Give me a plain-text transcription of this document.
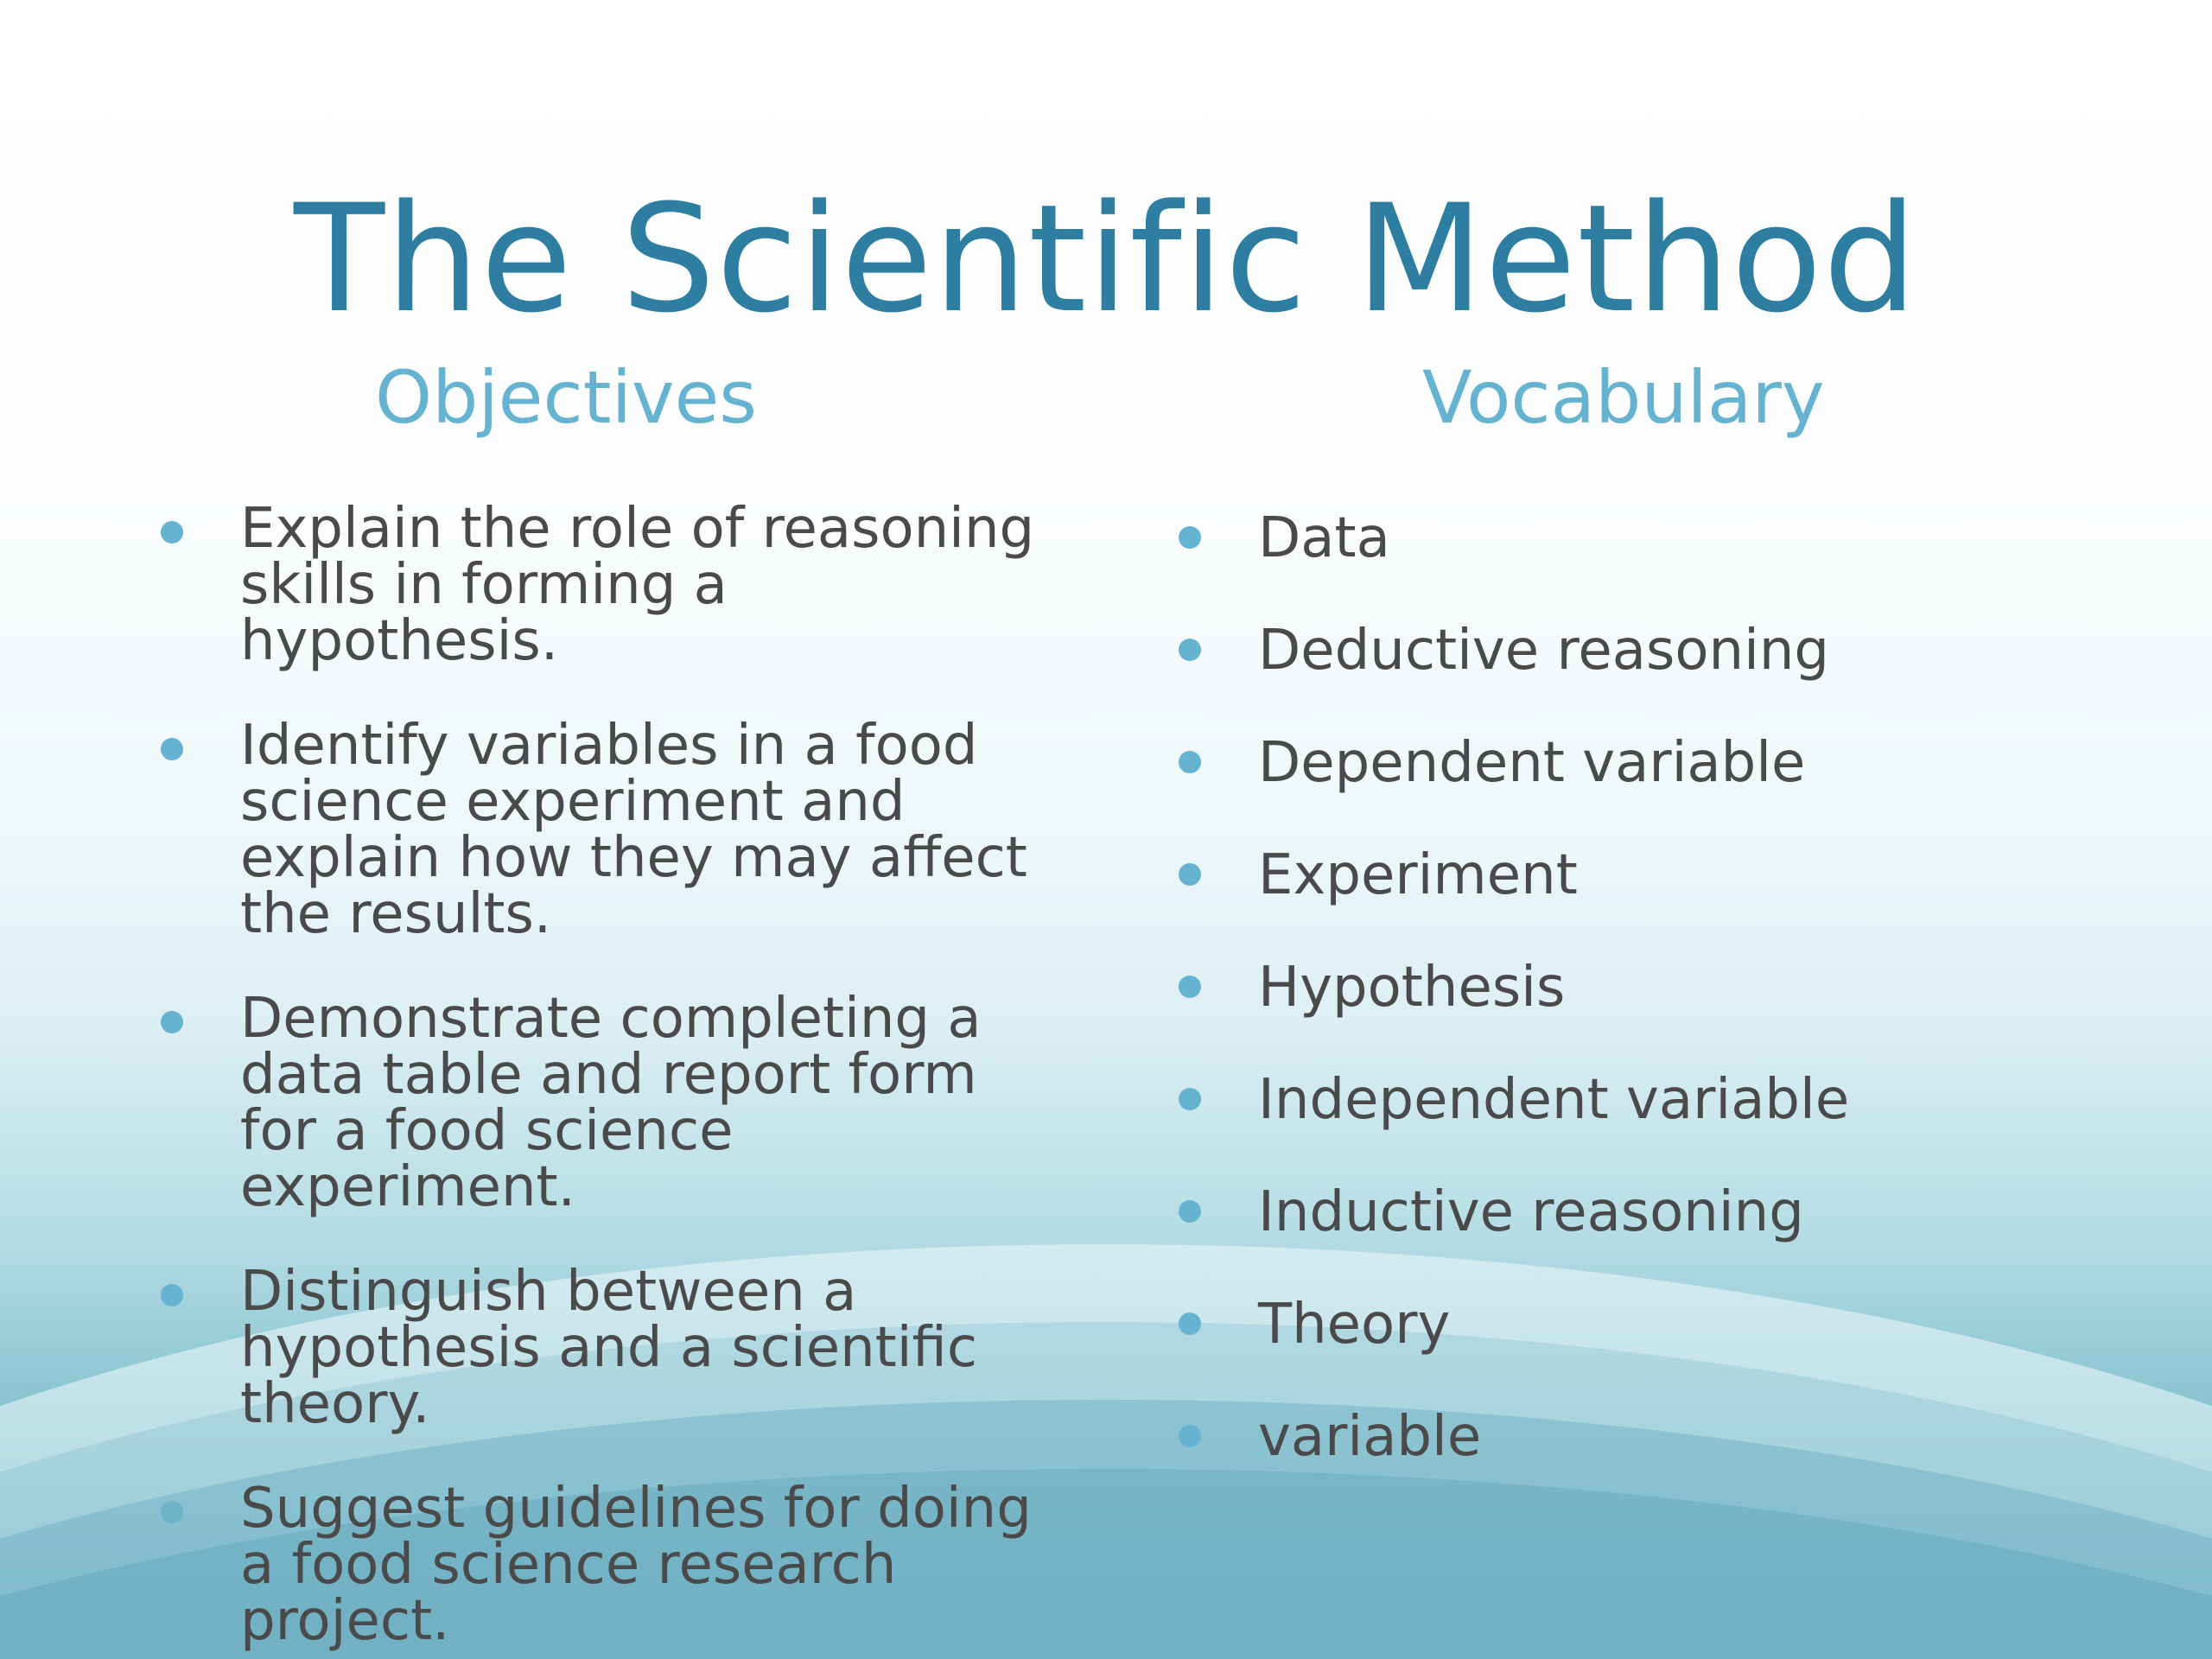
The Scientific Method
Objectives	Vocabulary
Explain the role of reasoning skills in forming a hypothesis.
Identify variables in a food science experiment and explain how they may affect the results.
Demonstrate completing a data table and report form for a food science experiment.
Distinguish between a hypothesis and a scientific theory.
Suggest guidelines for doing a food science research project.
Data
Deductive reasoning
Dependent variable
Experiment
Hypothesis
Independent variable
Inductive reasoning
Theory
variable
